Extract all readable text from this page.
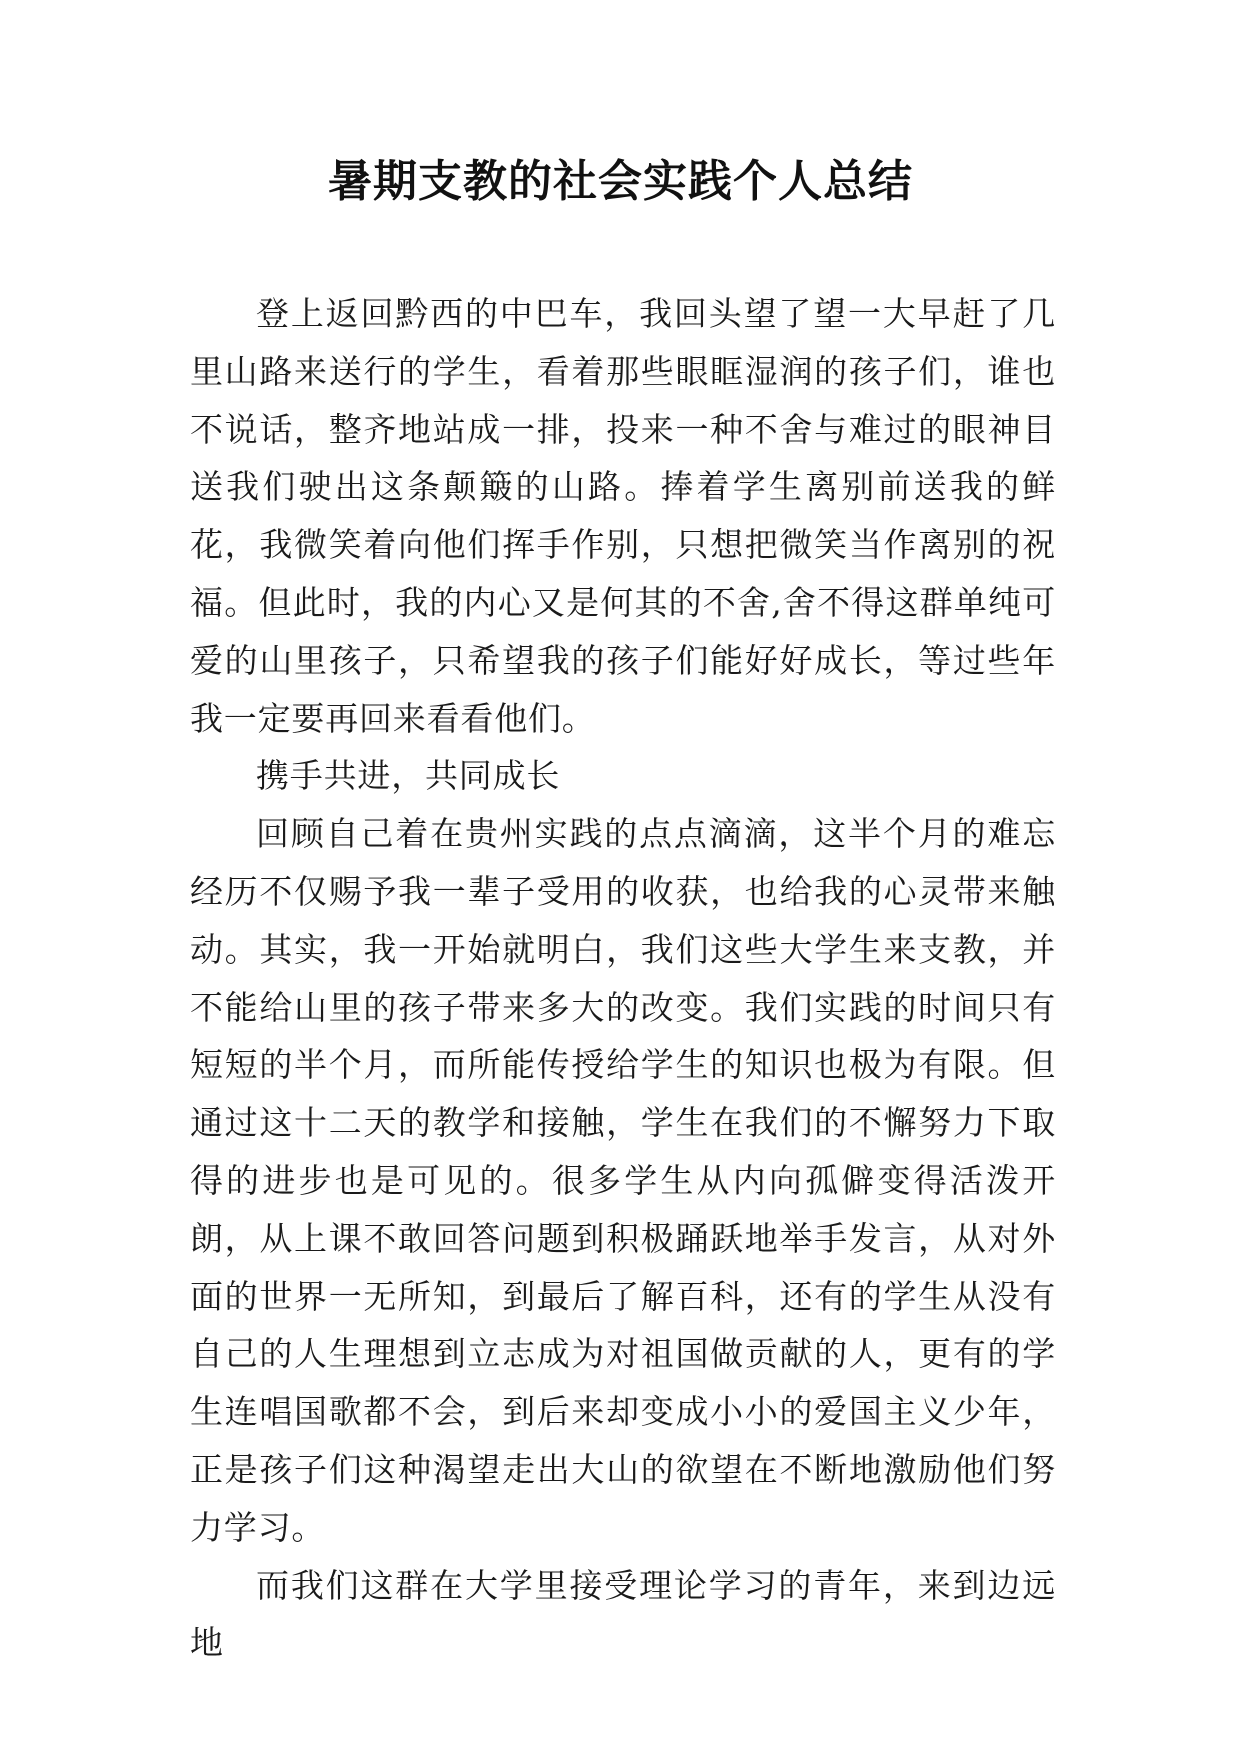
暑期支教的社会实践个人总结

登上返回黔西的中巴车，我回头望了望一大早赶了几里山路来送行的学生，看着那些眼眶湿润的孩子们，谁也不说话，整齐地站成一排，投来一种不舍与难过的眼神目送我们驶出这条颠簸的山路。捧着学生离别前送我的鲜花，我微笑着向他们挥手作别，只想把微笑当作离别的祝福。但此时，我的内心又是何其的不舍,舍不得这群单纯可爱的山里孩子，只希望我的孩子们能好好成长，等过些年我一定要再回来看看他们。

携手共进，共同成长

回顾自己着在贵州实践的点点滴滴，这半个月的难忘经历不仅赐予我一辈子受用的收获，也给我的心灵带来触动。其实，我一开始就明白，我们这些大学生来支教，并不能给山里的孩子带来多大的改变。我们实践的时间只有短短的半个月，而所能传授给学生的知识也极为有限。但通过这十二天的教学和接触，学生在我们的不懈努力下取得的进步也是可见的。很多学生从内向孤僻变得活泼开朗，从上课不敢回答问题到积极踊跃地举手发言，从对外面的世界一无所知，到最后了解百科，还有的学生从没有自己的人生理想到立志成为对祖国做贡献的人，更有的学生连唱国歌都不会，到后来却变成小小的爱国主义少年，正是孩子们这种渴望走出大山的欲望在不断地激励他们努力学习。

而我们这群在大学里接受理论学习的青年，来到边远地
